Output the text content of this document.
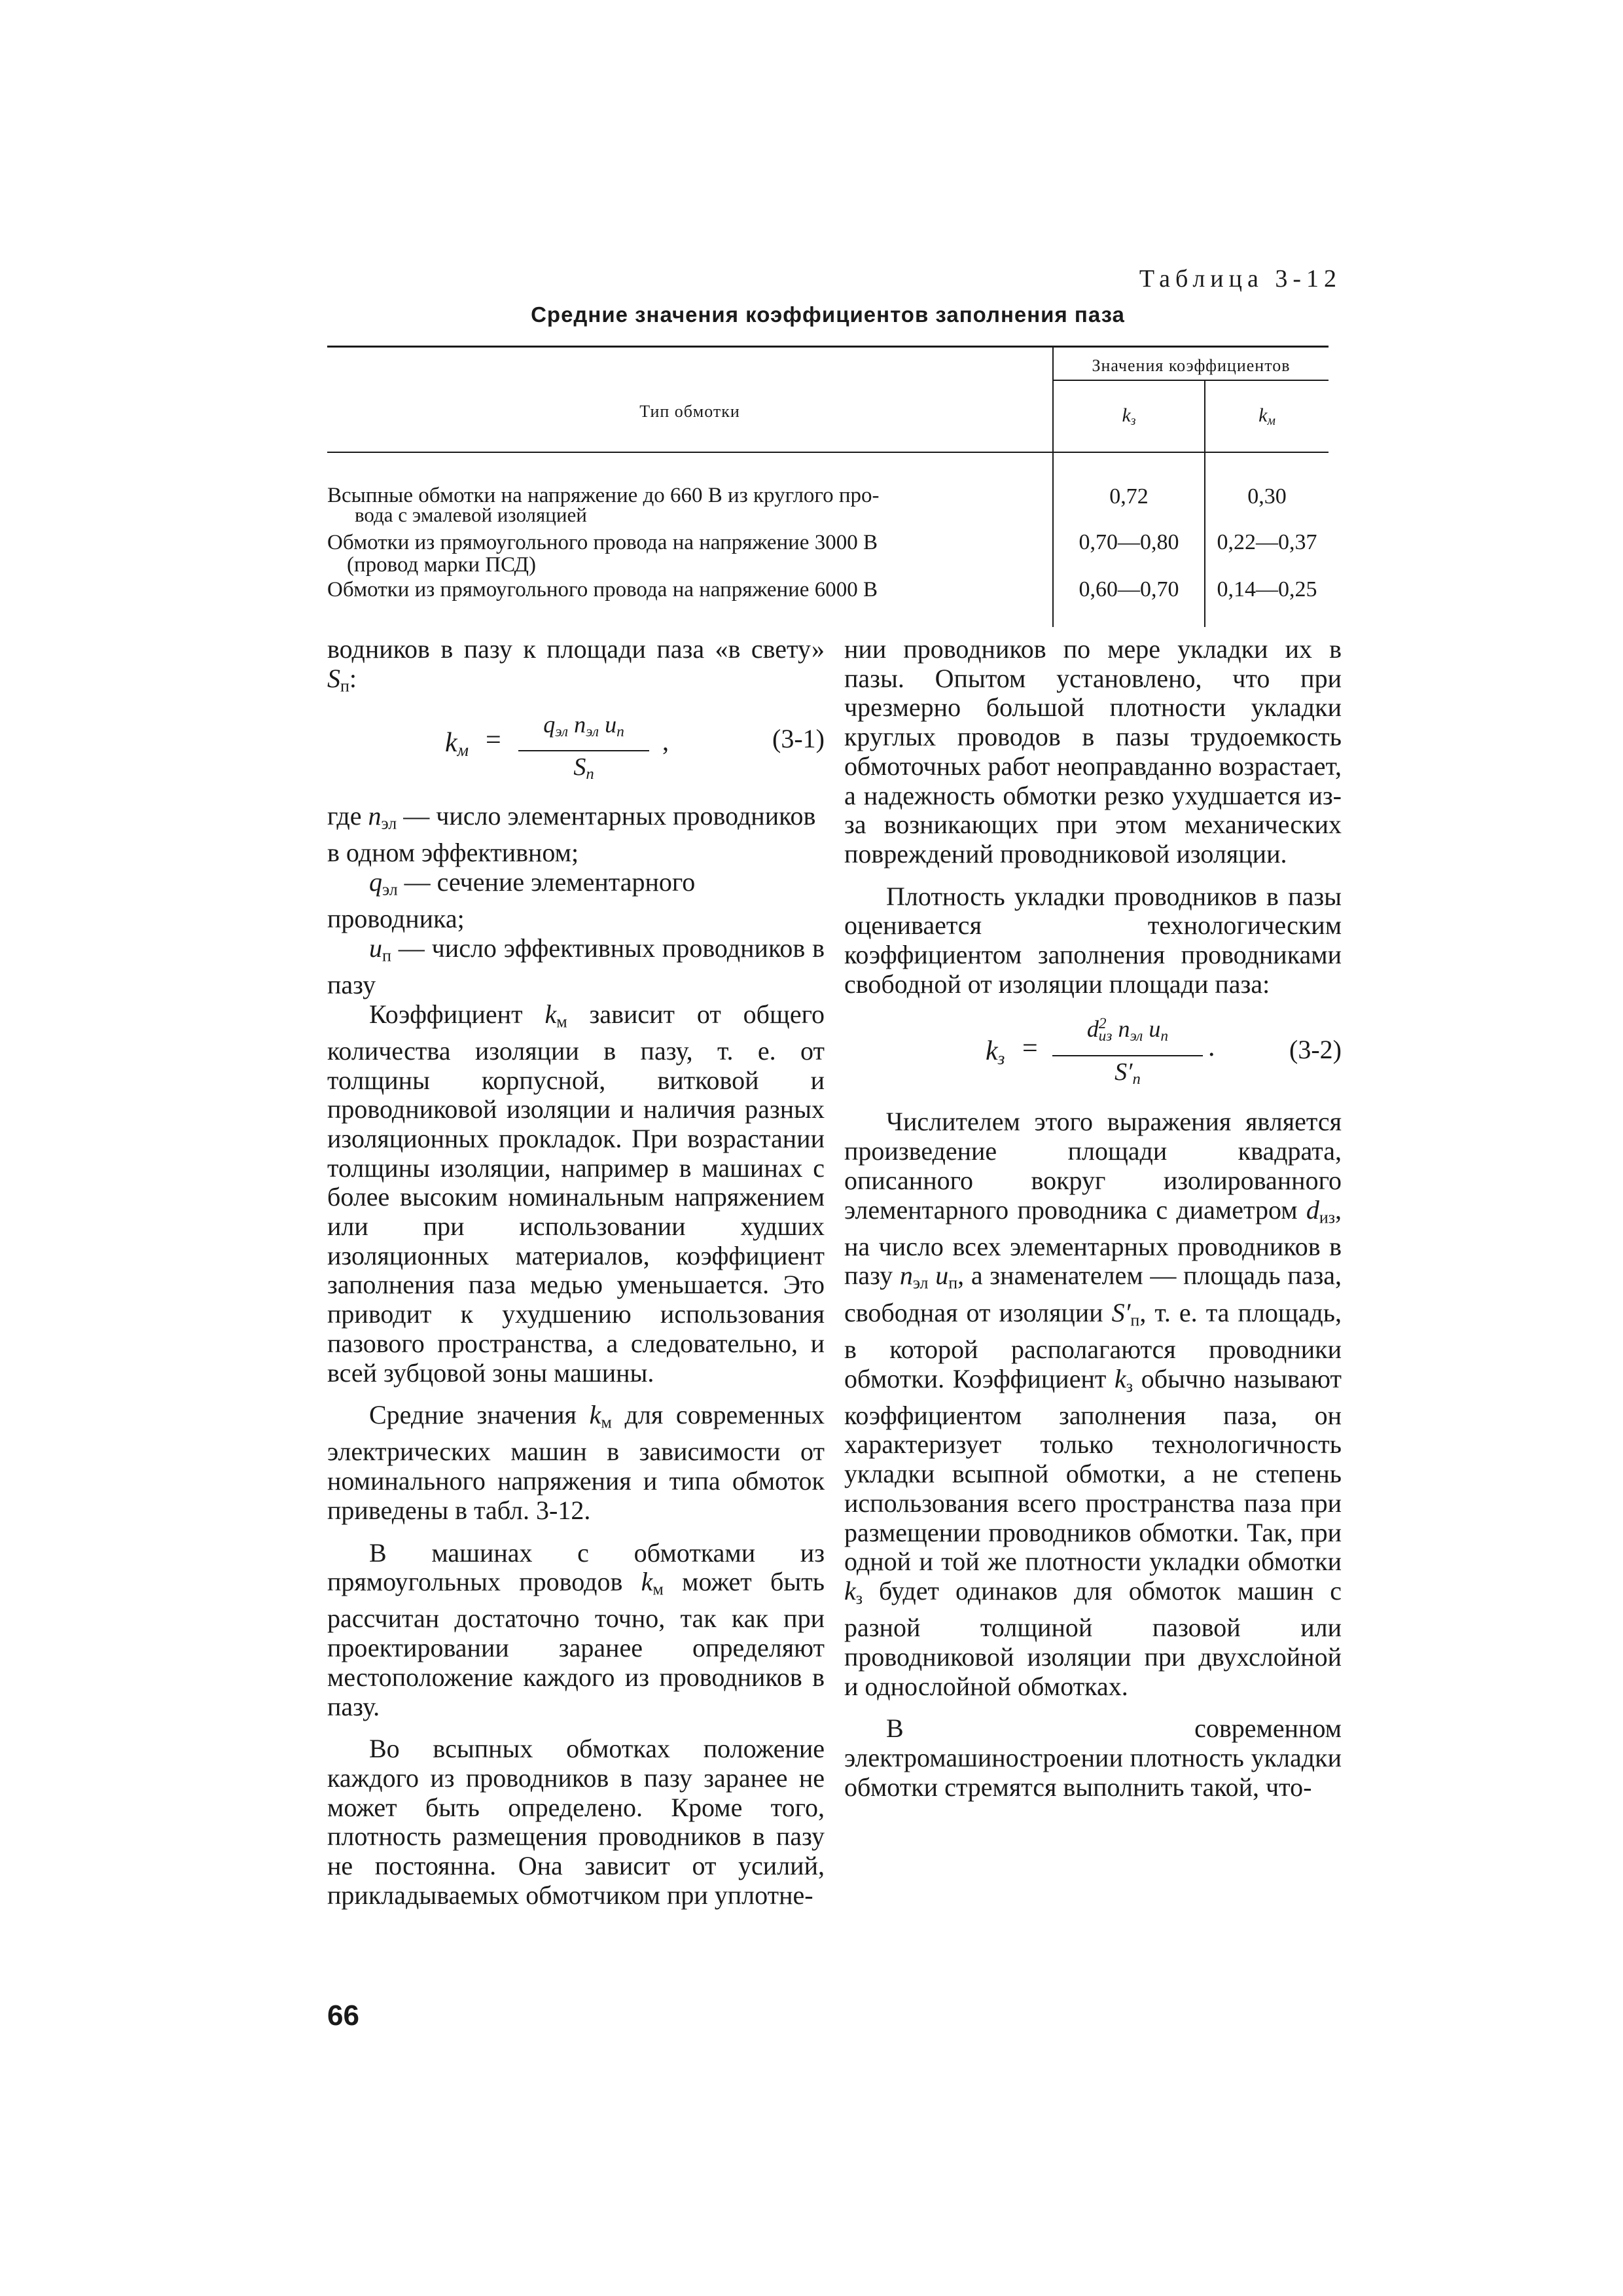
Таблица 3-12
Средние значения коэффициентов заполнения паза
Тип обмотки
Значения коэффициентов
$k_з$	$k_м$
Всыпные обмотки на напряжение до 660 В из круглого про-
вода с эмалевой изоляцией
0,72	0,30
Обмотки из прямоугольного провода на напряжение 3000 В
(провод марки ПСД)
0,70—0,80	0,22—0,37
Обмотки из прямоугольного провода на напряжение 6000 В	0,60—0,70	0,14—0,25

водников в пазу к площади паза «в свету» $S_п$:

$k_м$ =
$q_{эл}$ $n_{эл}$ $u_п$
$S_п$
,	(3-1)

где $n_{эл}$ — число элементарных проводников в одном эффективном;

$q_{эл}$ — сечение элементарного проводника;

$u_п$ — число эффективных проводников в пазу

Коэффициент $k_м$ зависит от общего количества изоляции в пазу, т. е. от толщины корпусной, витковой и проводниковой изоляции и наличия разных изоляционных прокладок. При возрастании толщины изоляции, например в машинах с более высоким номинальным напряжением или при использовании худших изоляционных материалов, коэффициент заполнения паза медью уменьшается. Это приводит к ухудшению использования пазового пространства, а следовательно, и всей зубцовой зоны машины.

Средние значения $k_м$ для современных электрических машин в зависимости от номинального напряжения и типа обмоток приведены в табл. 3-12.

В машинах с обмотками из прямоугольных проводов $k_м$ может быть рассчитан достаточно точно, так как при проектировании заранее определяют местоположение каждого из проводников в пазу.

Во всыпных обмотках положение каждого из проводников в пазу заранее не может быть определено. Кроме того, плотность размещения проводников в пазу не постоянна. Она зависит от усилий, прикладываемых обмотчиком при уплотне-

нии проводников по мере укладки их в пазы. Опытом установлено, что при чрезмерно большой плотности укладки круглых проводов в пазы трудоемкость обмоточных работ неоправданно возрастает, а надежность обмотки резко ухудшается из-за возникающих при этом механических повреждений проводниковой изоляции.

Плотность укладки проводников в пазы оценивается технологическим коэффициентом заполнения проводниками свободной от изоляции площади паза:

$k_з$ =
$d^2_{из}$ $n_{эл}$ $u_п$
$S'_п$
.	(3-2)

Числителем этого выражения является произведение площади квадрата, описанного вокруг изолированного элементарного проводника с диаметром $d_{из}$, на число всех элементарных проводников в пазу $n_{эл}$ $u_п$, а знаменателем — площадь паза, свободная от изоляции $S'_п$, т. е. та площадь, в которой располагаются проводники обмотки. Коэффициент $k_з$ обычно называют коэффициентом заполнения паза, он характеризует только технологичность укладки всыпной обмотки, а не степень использования всего пространства паза при размещении проводников обмотки. Так, при одной и той же плотности укладки обмотки $k_з$ будет одинаков для обмоток машин с разной толщиной пазовой или проводниковой изоляции при двухслойной и однослойной обмотках.

В современном электромашиностроении плотность укладки обмотки стремятся выполнить такой, что-

66
